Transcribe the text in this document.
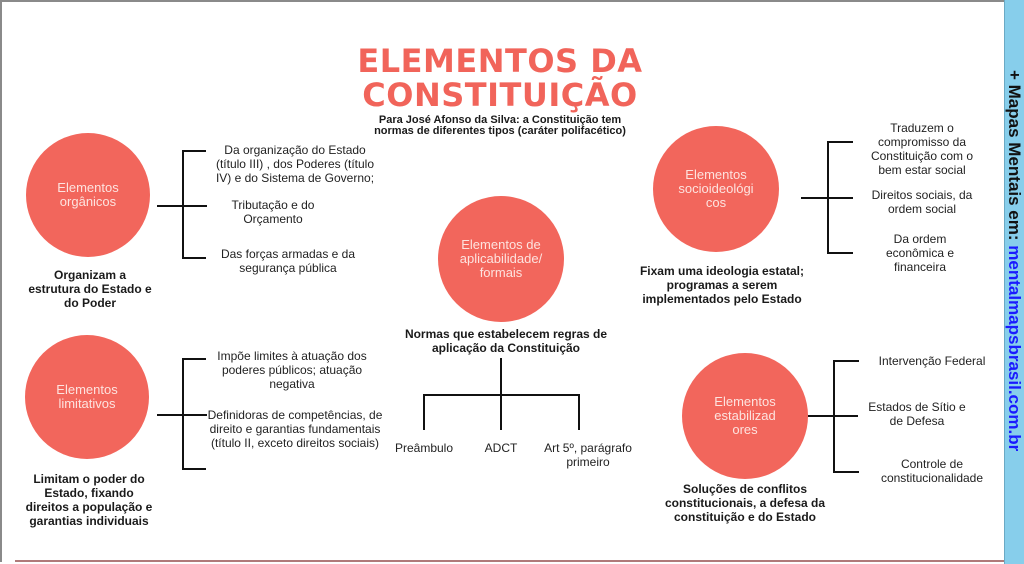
+ Mapas Mentais em: mentalmapsbrasil.com.br
ELEMENTOS DA
CONSTITUIÇÃO
Para José Afonso da Silva: a Constituição tem normas de diferentes tipos (caráter polifacético)
Elementos
orgânicos
Organizam a estrutura do Estado e do Poder
Da organização do Estado (título III) , dos Poderes (título IV) e do Sistema de Governo;
Tributação e do Orçamento
Das forças armadas e da segurança pública
Elementos
limitativos
Limitam o poder do Estado, fixando direitos a população e garantias individuais
Impõe limites à atuação dos poderes públicos; atuação negativa
Definidoras de competências, de direito e garantias fundamentais (título II, exceto direitos sociais)
Elementos de
aplicabilidade/
formais
Normas que estabelecem regras de aplicação da Constituição
Preâmbulo	ADCT	Art 5º, parágrafo primeiro
Elementos
socioideológi
cos
Fixam uma ideologia estatal; programas a serem implementados pelo Estado
Traduzem o compromisso da Constituição com o bem estar social
Direitos sociais, da ordem social
Da ordem econômica e financeira
Elementos
estabilizad
ores
Soluções de conflitos constitucionais, a defesa da constituição e do Estado
Intervenção Federal
Estados de Sítio e de Defesa
Controle de constitucionalidade
